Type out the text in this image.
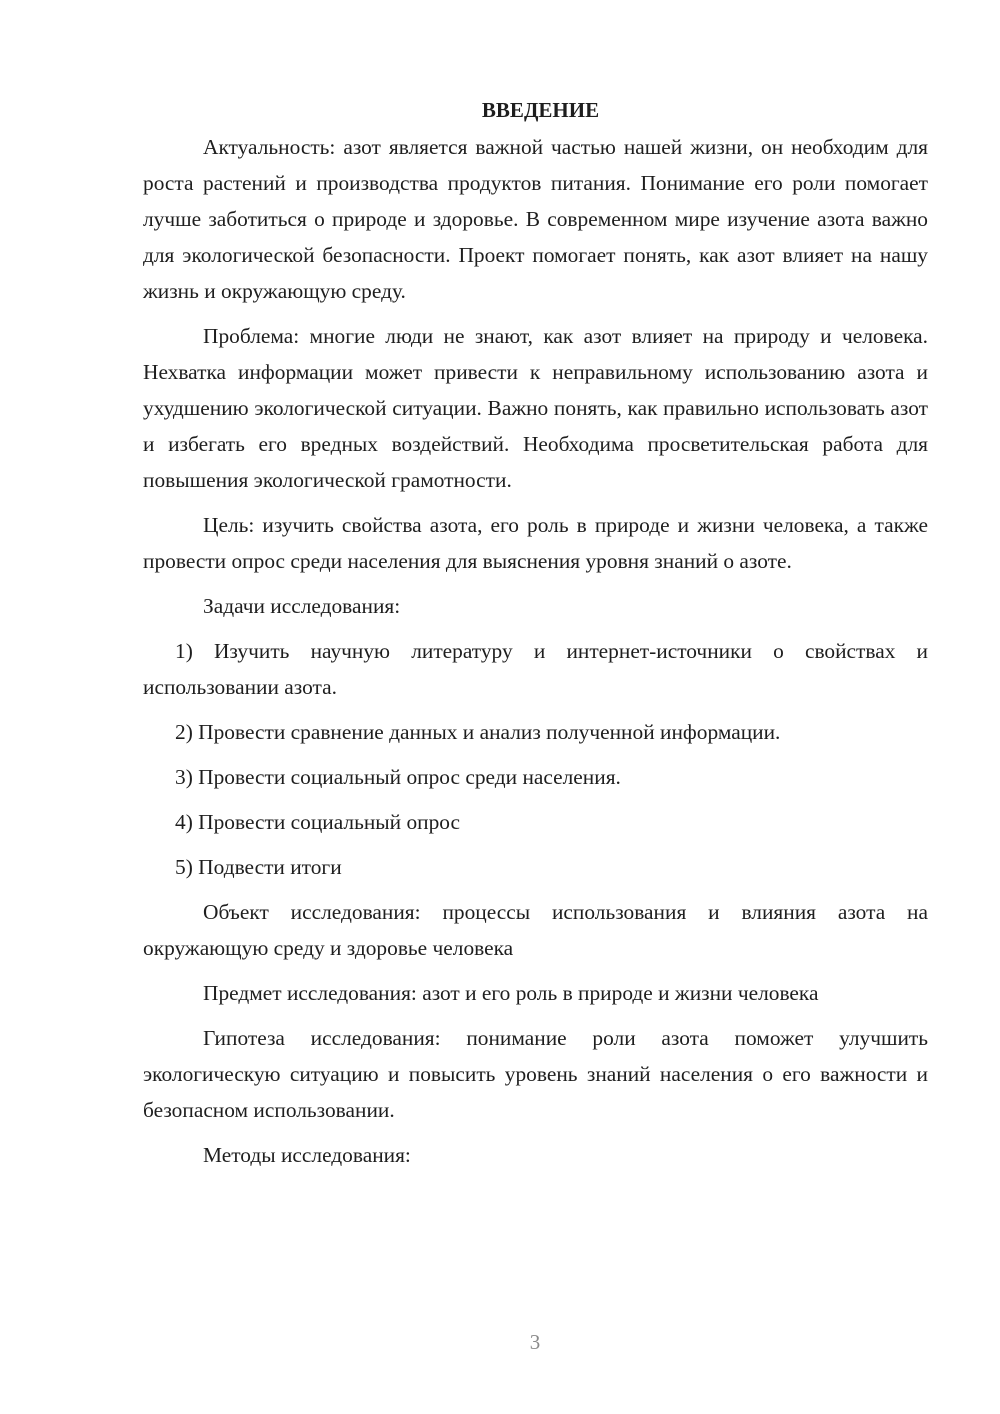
ВВЕДЕНИЕ

Актуальность: азот является важной частью нашей жизни, он необходим для роста растений и производства продуктов питания. Понимание его роли помогает лучше заботиться о природе и здоровье. В современном мире изучение азота важно для экологической безопасности. Проект помогает понять, как азот влияет на нашу жизнь и окружающую среду.

Проблема: многие люди не знают, как азот влияет на природу и человека. Нехватка информации может привести к неправильному использованию азота и ухудшению экологической ситуации. Важно понять, как правильно использовать азот и избегать его вредных воздействий. Необходима просветительская работа для повышения экологической грамотности.

Цель: изучить свойства азота, его роль в природе и жизни человека, а также провести опрос среди населения для выяснения уровня знаний о азоте.

Задачи исследования:

1) Изучить научную литературу и интернет-источники о свойствах и использовании азота.

2) Провести сравнение данных и анализ полученной информации.

3) Провести социальный опрос среди населения.

4) Провести социальный опрос

5) Подвести итоги

Объект исследования: процессы использования и влияния азота на окружающую среду и здоровье человека

Предмет исследования: азот и его роль в природе и жизни человека

Гипотеза исследования: понимание роли азота поможет улучшить экологическую ситуацию и повысить уровень знаний населения о его важности и безопасном использовании.

Методы исследования:

3
